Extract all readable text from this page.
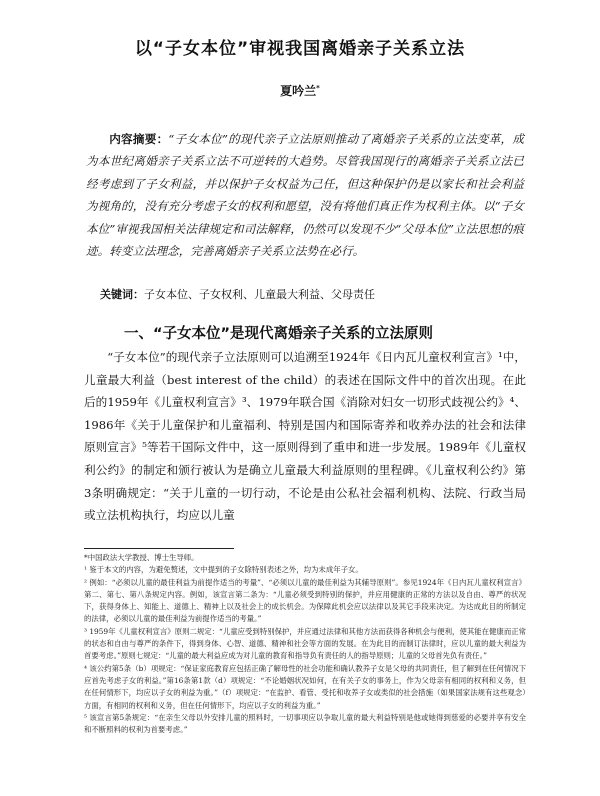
以“子女本位”审视我国离婚亲子关系立法
夏吟兰*
内容摘要：“子女本位”的现代亲子立法原则推动了离婚亲子关系的立法变革，成为本世纪离婚亲子关系立法不可逆转的大趋势。尽管我国现行的离婚亲子关系立法已经考虑到了子女利益，并以保护子女权益为己任，但这种保护仍是以家长和社会利益为视角的，没有充分考虑子女的权利和愿望，没有将他们真正作为权利主体。以“子女本位”审视我国相关法律规定和司法解释，仍然可以发现不少“父母本位”立法思想的痕迹。转变立法理念，完善离婚亲子关系立法势在必行。
关键词：子女本位、子女权利、儿童最大利益、父母责任
一、“子女本位”是现代离婚亲子关系的立法原则
“子女本位”的现代亲子立法原则可以追溯至1924年《日内瓦儿童权利宣言》¹中，儿童最大利益（best interest of the child）的表述在国际文件中的首次出现。在此后的1959年《儿童权利宣言》³、1979年联合国《消除对妇女一切形式歧视公约》⁴、1986年《关于儿童保护和儿童福利、特别是国内和国际寄养和收养办法的社会和法律原则宣言》⁵等若干国际文件中，这一原则得到了重申和进一步发展。1989年《儿童权利公约》的制定和颁行被认为是确立儿童最大利益原则的里程碑。《儿童权利公约》第3条明确规定：“关于儿童的一切行动，不论是由公私社会福利机构、法院、行政当局或立法机构执行，均应以儿童

*中国政法大学教授、博士生导师。

¹ 鉴于本文的内容，为避免赘述，文中提到的子女除特别表述之外，均为未成年子女。

² 例如：“必须以儿童的最佳利益为前提作适当的考量”、“必须以儿童的最佳利益为其辅导原则”。参见1924年《日内瓦儿童权利宣言》第二、第七、第八条规定内容。例如，该宣言第二条为：“儿童必须受到特别的保护，并应用健康的正常的方法以及自由、尊严的状况下，获得身体上、知能上、道德上、精神上以及社会上的成长机会。为保障此机会应以法律以及其它手段来决定。为达成此目的所制定的法律，必须以儿童的最佳利益为前提作适当的考量。”

³ 1959年《儿童权利宣言》原则二规定：“儿童应受到特别保护，并应通过法律和其他方法而获得各种机会与便利，使其能在健康而正常的状态和自由与尊严的条件下，得到身体、心智、道德、精神和社会等方面的发展。在为此目的而制订法律时，应以儿童的最大利益为首要考虑。”原则七规定：“儿童的最大利益应成为对儿童的教育和指导负有责任的人的指导原则；儿童的父母首先负有责任。”

⁴ 该公约第5条（b）项规定：“保证家庭教育应包括正确了解母性的社会功能和确认教养子女是父母的共同责任，但了解到在任何情况下应首先考虑子女的利益。”第16条第1款（d）项规定：“不论婚姻状况如何，在有关子女的事务上，作为父母亲有相同的权利和义务，但在任何情形下，均应以子女的利益为重。”（f）项规定：“在监护、看管、受托和收养子女或类似的社会措施（如果国家法规有这些观念）方面，有相同的权利和义务，但在任何情形下，均应以子女的利益为重。”

⁵ 该宣言第5条规定：“在亲生父母以外安排儿童的照料时，一切事项应以争取儿童的最大利益特别是他或她得到慈爱的必要并享有安全和不断照料的权利为首要考虑。”
